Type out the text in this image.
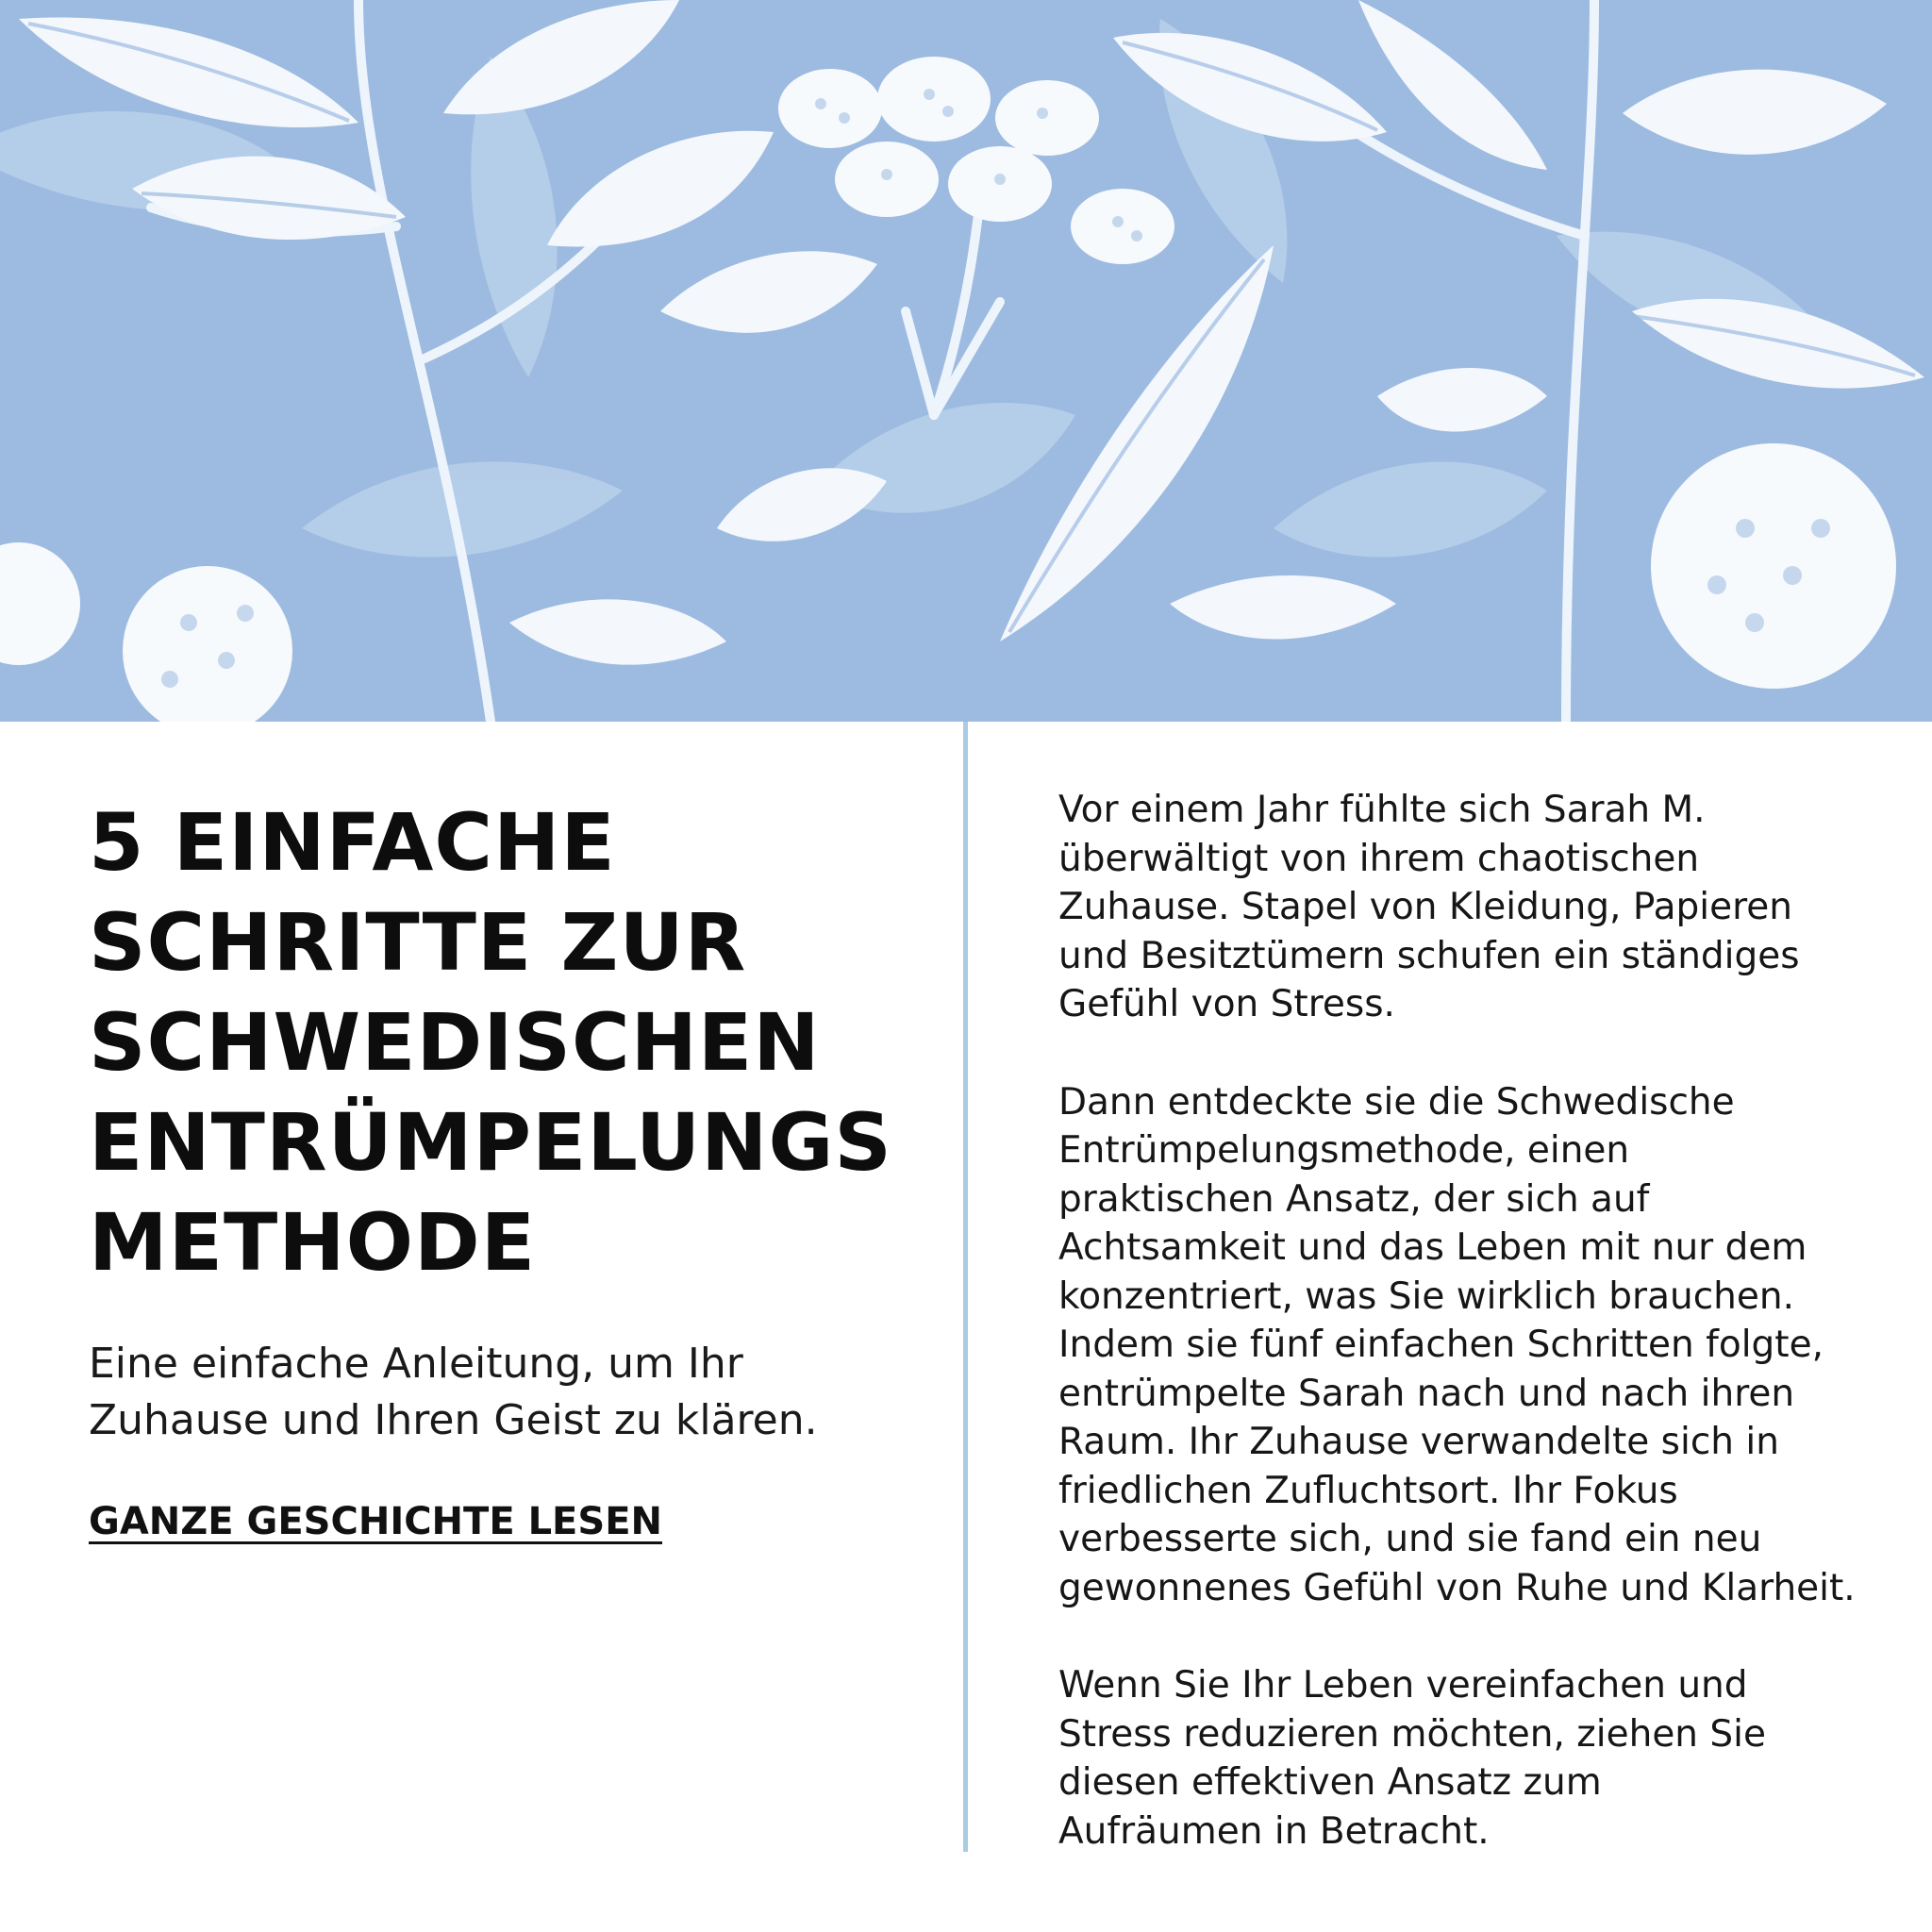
5 EINFACHE
SCHRITTE ZUR
SCHWEDISCHEN
ENTRÜMPELUNGS
METHODE

Eine einfache Anleitung, um Ihr
Zuhause und Ihren Geist zu klären.

GANZE GESCHICHTE LESEN

Vor einem Jahr fühlte sich Sarah M.
überwältigt von ihrem chaotischen
Zuhause. Stapel von Kleidung, Papieren
und Besitztümern schufen ein ständiges
Gefühl von Stress.

Dann entdeckte sie die Schwedische
Entrümpelungsmethode, einen
praktischen Ansatz, der sich auf
Achtsamkeit und das Leben mit nur dem
konzentriert, was Sie wirklich brauchen.
Indem sie fünf einfachen Schritten folgte,
entrümpelte Sarah nach und nach ihren
Raum. Ihr Zuhause verwandelte sich in
friedlichen Zufluchtsort. Ihr Fokus
verbesserte sich, und sie fand ein neu
gewonnenes Gefühl von Ruhe und Klarheit.

Wenn Sie Ihr Leben vereinfachen und
Stress reduzieren möchten, ziehen Sie
diesen effektiven Ansatz zum
Aufräumen in Betracht.
